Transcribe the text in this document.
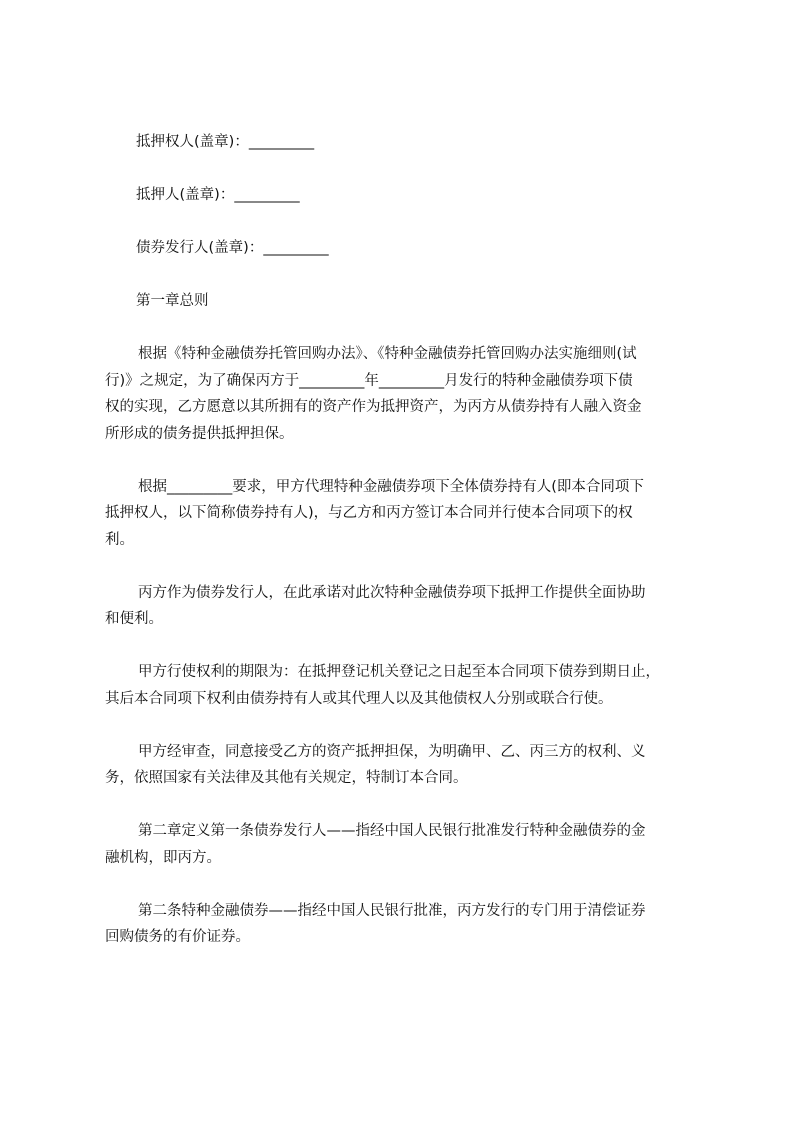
抵押权人(盖章)：_________

抵押人(盖章)：_________

债券发行人(盖章)：_________

第一章总则

根据《特种金融债券托管回购办法》、《特种金融债券托管回购办法实施细则(试
行)》之规定，为了确保丙方于_________年_________月发行的特种金融债券项下债
权的实现，乙方愿意以其所拥有的资产作为抵押资产，为丙方从债券持有人融入资金
所形成的债务提供抵押担保。

根据_________要求，甲方代理特种金融债券项下全体债券持有人(即本合同项下
抵押权人，以下简称债券持有人)，与乙方和丙方签订本合同并行使本合同项下的权
利。

丙方作为债券发行人，在此承诺对此次特种金融债券项下抵押工作提供全面协助
和便利。

甲方行使权利的期限为：在抵押登记机关登记之日起至本合同项下债券到期日止，
其后本合同项下权利由债券持有人或其代理人以及其他债权人分别或联合行使。

甲方经审查，同意接受乙方的资产抵押担保，为明确甲、乙、丙三方的权利、义
务，依照国家有关法律及其他有关规定，特制订本合同。

第二章定义第一条债券发行人——指经中国人民银行批准发行特种金融债券的金
融机构，即丙方。

第二条特种金融债券——指经中国人民银行批准，丙方发行的专门用于清偿证券
回购债务的有价证券。
